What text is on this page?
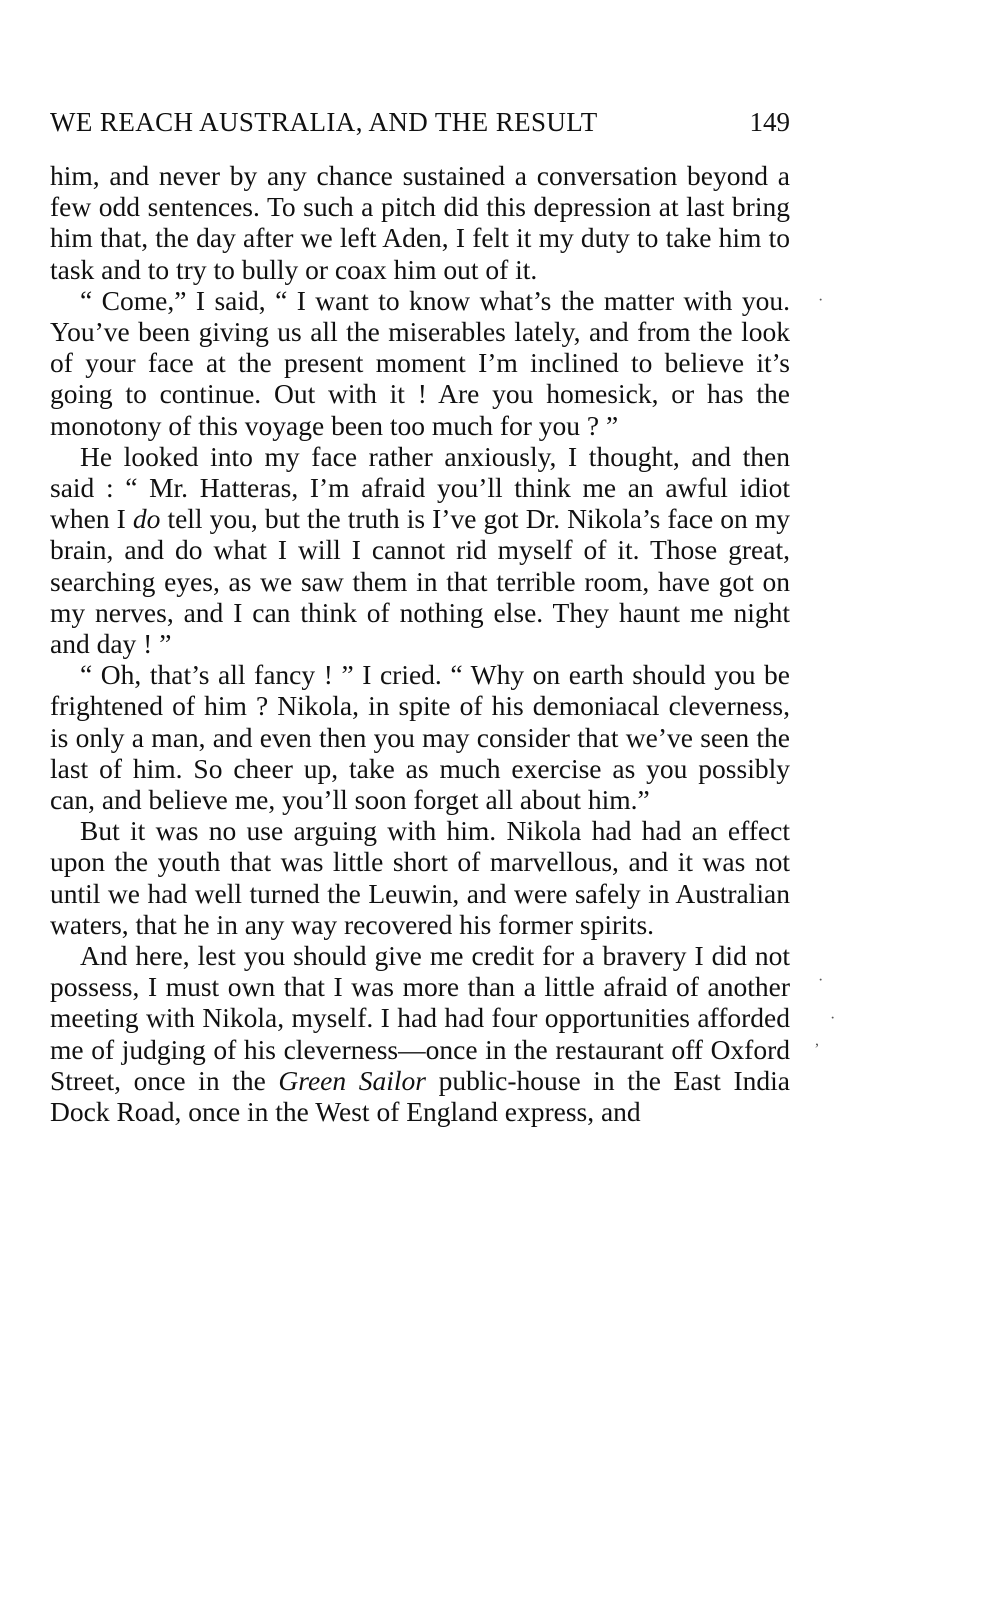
WE REACH AUSTRALIA, AND THE RESULT	149

him, and never by any chance sustained a conversation beyond a few odd sentences. To such a pitch did this depression at last bring him that, the day after we left Aden, I felt it my duty to take him to task and to try to bully or coax him out of it.

“ Come,” I said, “ I want to know what’s the matter with you. You’ve been giving us all the miserables lately, and from the look of your face at the present moment I’m inclined to believe it’s going to continue. Out with it ! Are you homesick, or has the monotony of this voyage been too much for you ? ”

He looked into my face rather anxiously, I thought, and then said : “ Mr. Hatteras, I’m afraid you’ll think me an awful idiot when I do tell you, but the truth is I’ve got Dr. Nikola’s face on my brain, and do what I will I cannot rid myself of it. Those great, searching eyes, as we saw them in that terrible room, have got on my nerves, and I can think of nothing else. They haunt me night and day ! ”

“ Oh, that’s all fancy ! ” I cried. “ Why on earth should you be frightened of him ? Nikola, in spite of his demoniacal cleverness, is only a man, and even then you may consider that we’ve seen the last of him. So cheer up, take as much exercise as you possibly can, and believe me, you’ll soon forget all about him.”

But it was no use arguing with him. Nikola had had an effect upon the youth that was little short of marvellous, and it was not until we had well turned the Leuwin, and were safely in Australian waters, that he in any way recovered his former spirits.

And here, lest you should give me credit for a bravery I did not possess, I must own that I was more than a little afraid of another meeting with Nikola, myself. I had had four opportunities afforded me of judging of his cleverness—once in the restaurant off Oxford Street, once in the Green Sailor public-house in the East India Dock Road, once in the West of England express, and

·
·
·
,
